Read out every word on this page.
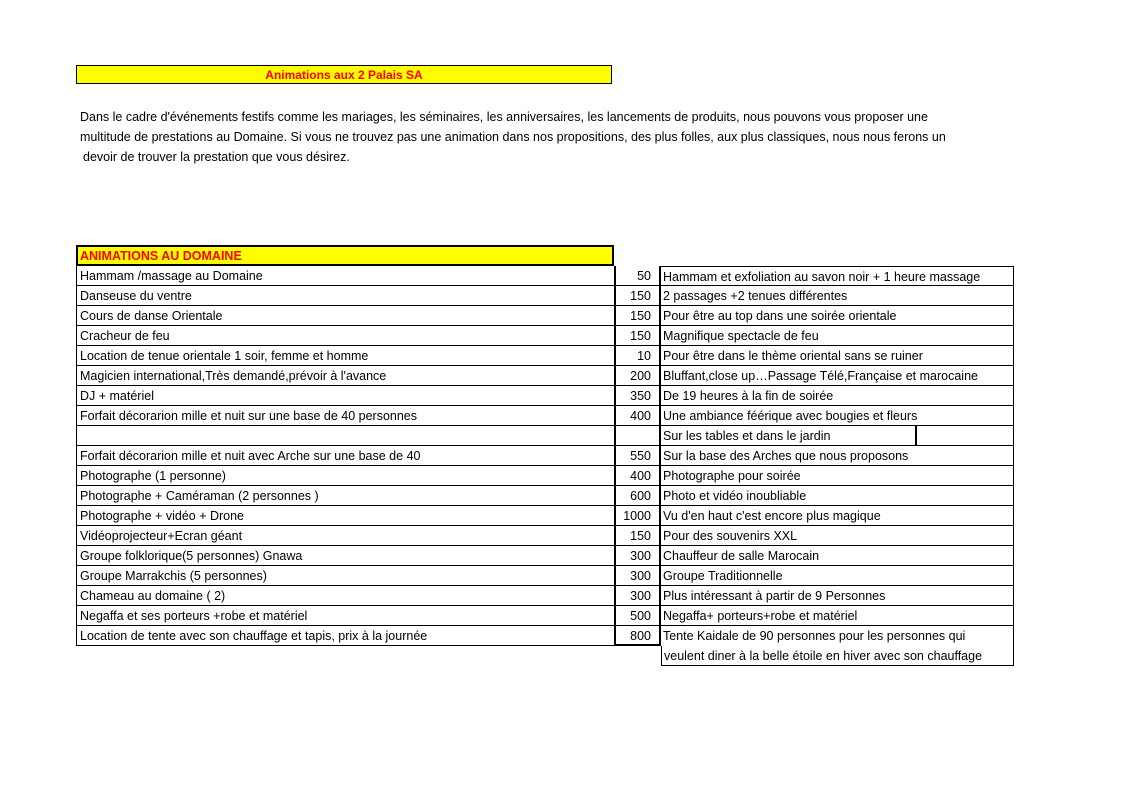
Animations aux 2 Palais SA
Dans le cadre d'événements festifs comme les mariages, les séminaires, les anniversaires, les lancements de produits, nous pouvons vous proposer une
multitude de prestations au Domaine. Si vous ne trouvez pas une animation dans nos propositions, des plus folles, aux plus classiques, nous nous ferons un
devoir de trouver la prestation que vous désirez.
ANIMATIONS AU DOMAINE
Hammam /massage au Domaine	50 Hammam et exfoliation au savon noir + 1 heure massage
Danseuse du ventre	150 2 passages +2 tenues différentes
Cours de danse Orientale	150 Pour être au top dans une soirée orientale
Cracheur de feu	150 Magnifique spectacle de feu
Location de tenue orientale 1 soir, femme et homme	10 Pour être dans le thème oriental sans se ruiner
Magicien international,Très demandé,prévoir à l'avance	200 Bluffant,close up…Passage Télé,Française et marocaine
DJ + matériel	350 De 19 heures à la fin de soirée
Forfait décorarion mille et nuit sur une base de 40 personnes	400 Une ambiance féérique avec bougies et fleurs
Sur les tables et dans le jardin
Forfait décorarion mille et nuit avec Arche sur une base de 40	550 Sur la base des Arches que nous proposons
Photographe (1 personne)	400 Photographe pour soirée
Photographe + Caméraman (2 personnes )	600 Photo et vidéo inoubliable
Photographe + vidéo + Drone	1000 Vu d'en haut c'est encore plus magique
Vidéoprojecteur+Ecran géant	150 Pour des souvenirs XXL
Groupe folklorique(5 personnes) Gnawa	300 Chauffeur de salle Marocain
Groupe Marrakchis (5 personnes)	300 Groupe Traditionnelle
Chameau au domaine ( 2)	300 Plus intéressant à partir de 9 Personnes
Negaffa et ses porteurs +robe et matériel	500 Negaffa+ porteurs+robe et matériel
Location de tente avec son chauffage et tapis, prix à la journée	800 Tente Kaidale de 90 personnes pour les personnes qui
veulent diner à la belle étoile en hiver avec son chauffage
